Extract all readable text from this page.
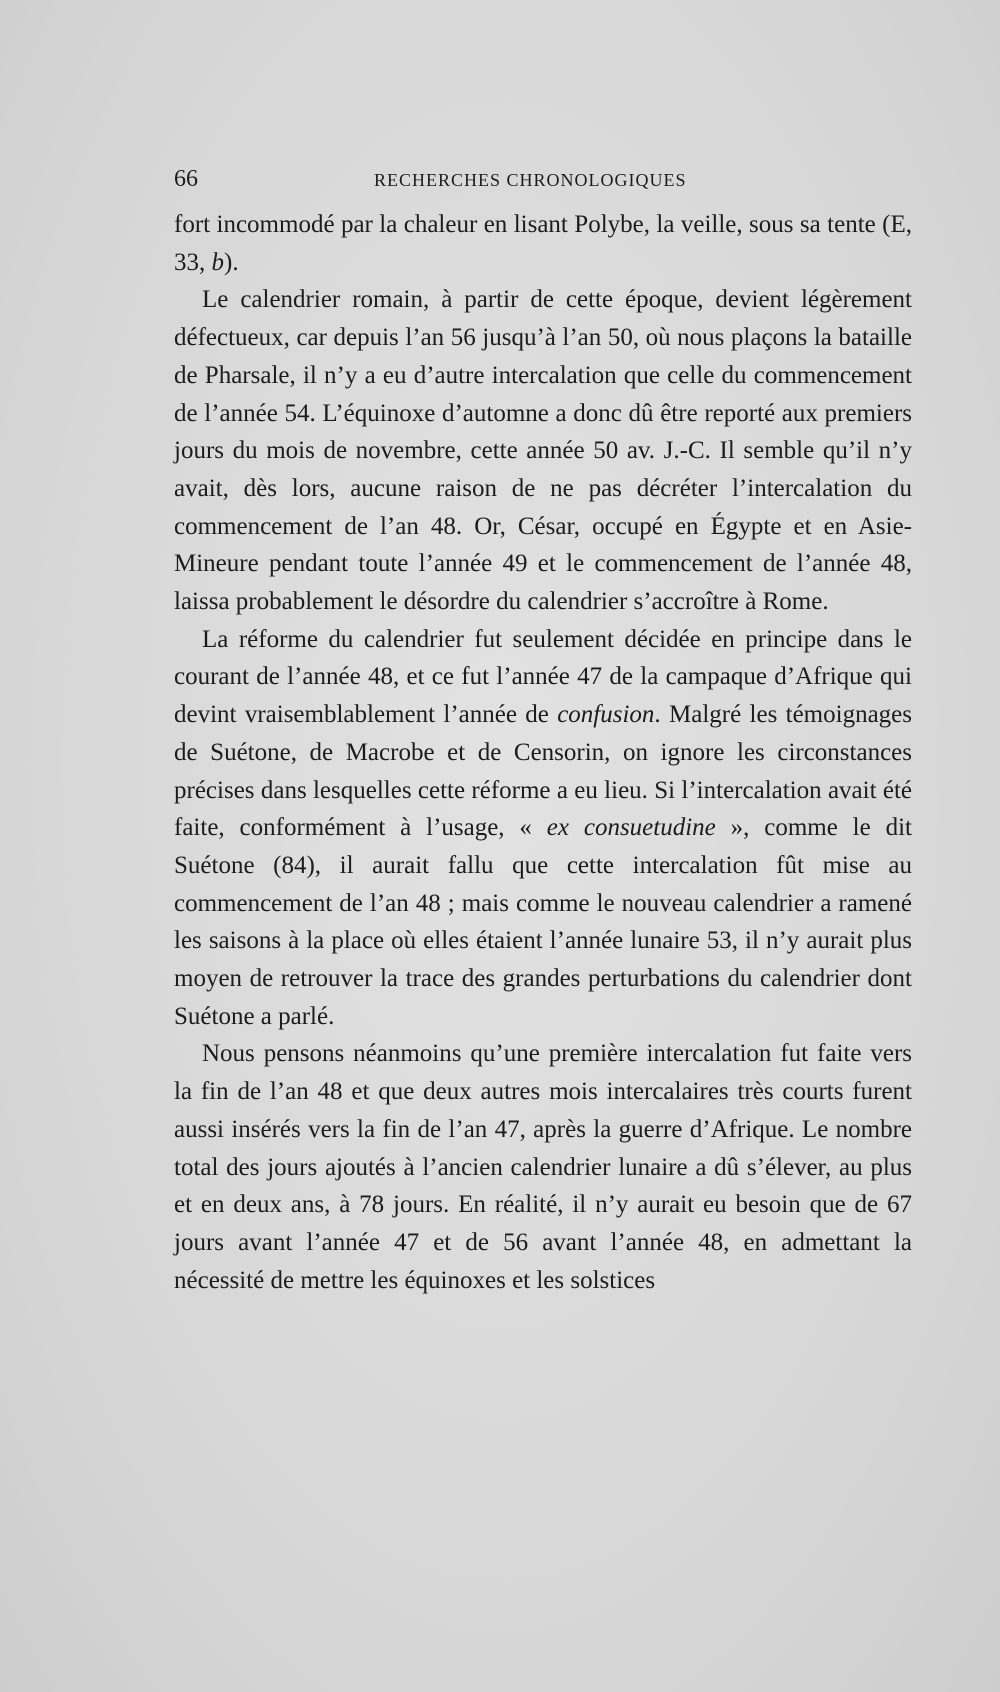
66	RECHERCHES CHRONOLOGIQUES

fort incommodé par la chaleur en lisant Polybe, la veille, sous sa tente (E, 33, b).

Le calendrier romain, à partir de cette époque, devient légèrement défectueux, car depuis l’an 56 jusqu’à l’an 50, où nous plaçons la bataille de Pharsale, il n’y a eu d’autre intercalation que celle du commencement de l’année 54. L’équinoxe d’automne a donc dû être reporté aux premiers jours du mois de novembre, cette année 50 av. J.-C. Il semble qu’il n’y avait, dès lors, aucune raison de ne pas décréter l’intercalation du commencement de l’an 48. Or, César, occupé en Égypte et en Asie-Mineure pendant toute l’année 49 et le commencement de l’année 48, laissa probablement le désordre du calendrier s’accroître à Rome.

La réforme du calendrier fut seulement décidée en principe dans le courant de l’année 48, et ce fut l’année 47 de la campaque d’Afrique qui devint vraisemblablement l’année de confusion. Malgré les témoignages de Suétone, de Macrobe et de Censorin, on ignore les circonstances précises dans lesquelles cette réforme a eu lieu. Si l’intercalation avait été faite, conformément à l’usage, « ex consuetudine », comme le dit Suétone (84), il aurait fallu que cette intercalation fût mise au commencement de l’an 48 ; mais comme le nouveau calendrier a ramené les saisons à la place où elles étaient l’année lunaire 53, il n’y aurait plus moyen de retrouver la trace des grandes perturbations du calendrier dont Suétone a parlé.

Nous pensons néanmoins qu’une première intercalation fut faite vers la fin de l’an 48 et que deux autres mois intercalaires très courts furent aussi insérés vers la fin de l’an 47, après la guerre d’Afrique. Le nombre total des jours ajoutés à l’ancien calendrier lunaire a dû s’élever, au plus et en deux ans, à 78 jours. En réalité, il n’y aurait eu besoin que de 67 jours avant l’année 47 et de 56 avant l’année 48, en admettant la nécessité de mettre les équinoxes et les solstices
